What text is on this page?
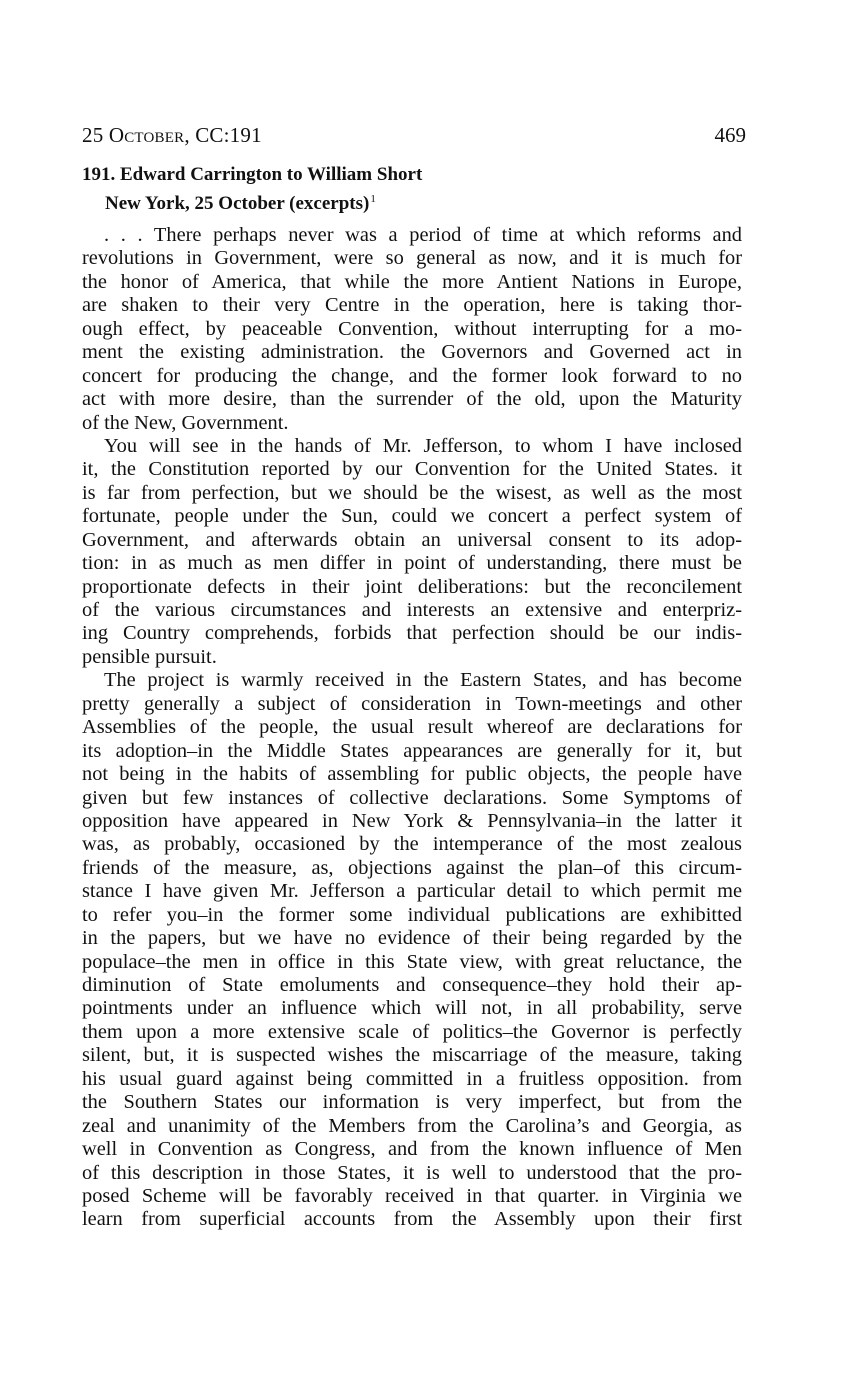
25 October, CC:191	469
191. Edward Carrington to William Short
New York, 25 October (excerpts)$^1$
. . . There perhaps never was a period of time at which reforms and
revolutions in Government, were so general as now, and it is much for
the honor of America, that while the more Antient Nations in Europe,
are shaken to their very Centre in the operation, here is taking thor-
ough effect, by peaceable Convention, without interrupting for a mo-
ment the existing administration. the Governors and Governed act in
concert for producing the change, and the former look forward to no
act with more desire, than the surrender of the old, upon the Maturity
of the New, Government.
You will see in the hands of Mr. Jefferson, to whom I have inclosed
it, the Constitution reported by our Convention for the United States. it
is far from perfection, but we should be the wisest, as well as the most
fortunate, people under the Sun, could we concert a perfect system of
Government, and afterwards obtain an universal consent to its adop-
tion: in as much as men differ in point of understanding, there must be
proportionate defects in their joint deliberations: but the reconcilement
of the various circumstances and interests an extensive and enterpriz-
ing Country comprehends, forbids that perfection should be our indis-
pensible pursuit.
The project is warmly received in the Eastern States, and has become
pretty generally a subject of consideration in Town-meetings and other
Assemblies of the people, the usual result whereof are declarations for
its adoption–in the Middle States appearances are generally for it, but
not being in the habits of assembling for public objects, the people have
given but few instances of collective declarations. Some Symptoms of
opposition have appeared in New York & Pennsylvania–in the latter it
was, as probably, occasioned by the intemperance of the most zealous
friends of the measure, as, objections against the plan–of this circum-
stance I have given Mr. Jefferson a particular detail to which permit me
to refer you–in the former some individual publications are exhibitted
in the papers, but we have no evidence of their being regarded by the
populace–the men in office in this State view, with great reluctance, the
diminution of State emoluments and consequence–they hold their ap-
pointments under an influence which will not, in all probability, serve
them upon a more extensive scale of politics–the Governor is perfectly
silent, but, it is suspected wishes the miscarriage of the measure, taking
his usual guard against being committed in a fruitless opposition. from
the Southern States our information is very imperfect, but from the
zeal and unanimity of the Members from the Carolina’s and Georgia, as
well in Convention as Congress, and from the known influence of Men
of this description in those States, it is well to understood that the pro-
posed Scheme will be favorably received in that quarter. in Virginia we
learn from superficial accounts from the Assembly upon their first
